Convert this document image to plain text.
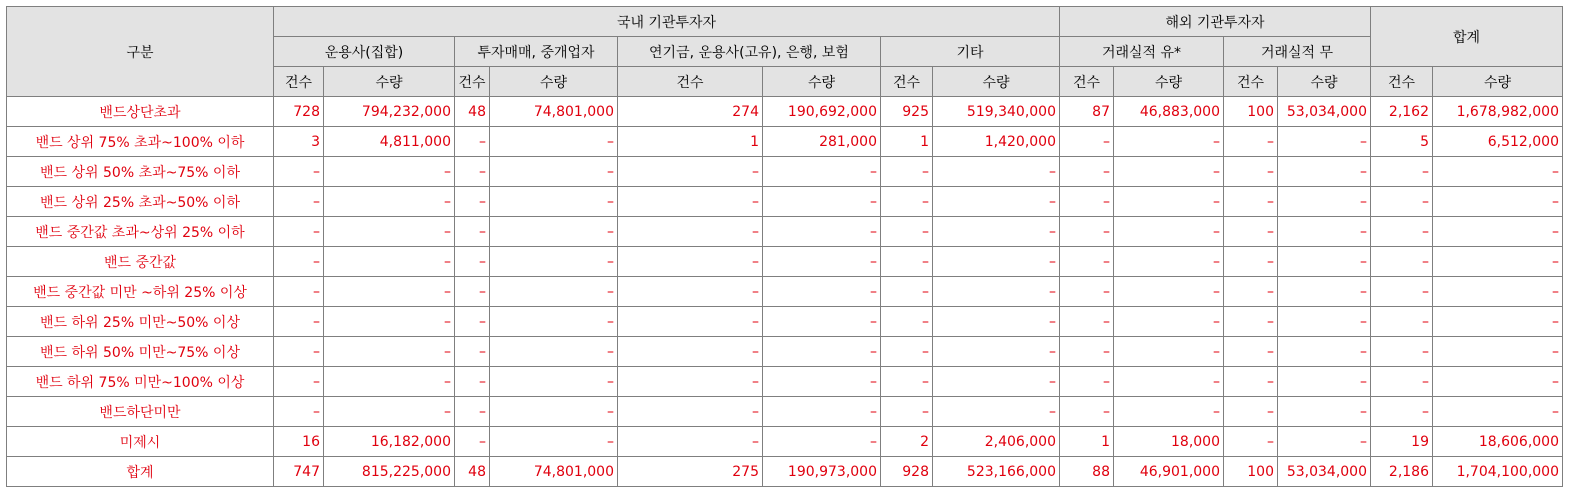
구분	국내 기관투자자								해외 기관투자자				합계	
	운용사(집합)		투자매매, 중개업자		연기금, 운용사(고유), 은행, 보험		기타		거래실적 유*		거래실적 무			
	건수	수량	건수	수량	건수	수량	건수	수량	건수	수량	건수	수량	건수	수량
밴드상단초과	728	794,232,000	48	74,801,000	274	190,692,000	925	519,340,000	87	46,883,000	100	53,034,000	2,162	1,678,982,000
밴드 상위 75% 초과~100% 이하	3	4,811,000	–	–	1	281,000	1	1,420,000	–	–	–	–	5	6,512,000
밴드 상위 50% 초과~75% 이하	–	–	–	–	–	–	–	–	–	–	–	–	–	–
밴드 상위 25% 초과~50% 이하	–	–	–	–	–	–	–	–	–	–	–	–	–	–
밴드 중간값 초과~상위 25% 이하	–	–	–	–	–	–	–	–	–	–	–	–	–	–
밴드 중간값	–	–	–	–	–	–	–	–	–	–	–	–	–	–
밴드 중간값 미만 ~하위 25% 이상	–	–	–	–	–	–	–	–	–	–	–	–	–	–
밴드 하위 25% 미만~50% 이상	–	–	–	–	–	–	–	–	–	–	–	–	–	–
밴드 하위 50% 미만~75% 이상	–	–	–	–	–	–	–	–	–	–	–	–	–	–
밴드 하위 75% 미만~100% 이상	–	–	–	–	–	–	–	–	–	–	–	–	–	–
밴드하단미만	–	–	–	–	–	–	–	–	–	–	–	–	–	–
미제시	16	16,182,000	–	–	–	–	2	2,406,000	1	18,000	–	–	19	18,606,000
합계	747	815,225,000	48	74,801,000	275	190,973,000	928	523,166,000	88	46,901,000	100	53,034,000	2,186	1,704,100,000
